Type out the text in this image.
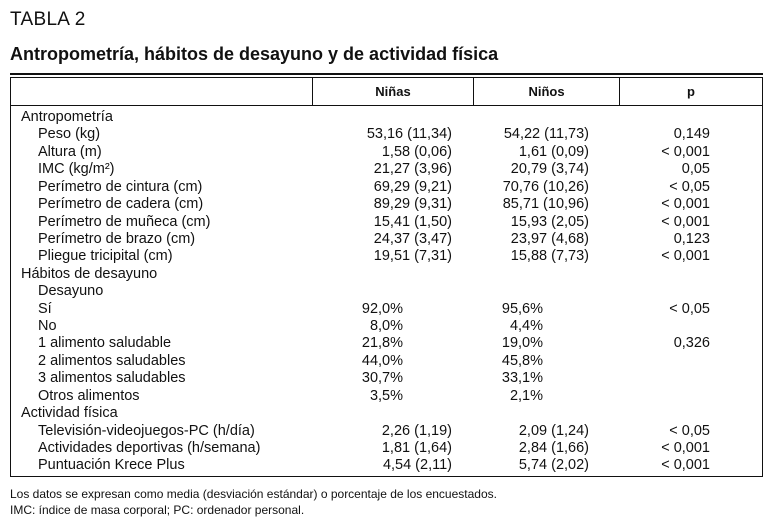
TABLA 2
Antropometría, hábitos de desayuno y de actividad física
Niñas	Niños	p
Antropometría
Peso (kg)	53,16 (11,34)	54,22 (11,73)	0,149
Altura (m)	1,58 (0,06)	1,61 (0,09)	< 0,001
IMC (kg/m²)	21,27 (3,96)	20,79 (3,74)	0,05
Perímetro de cintura (cm)	69,29 (9,21)	70,76 (10,26)	< 0,05
Perímetro de cadera (cm)	89,29 (9,31)	85,71 (10,96)	< 0,001
Perímetro de muñeca (cm)	15,41 (1,50)	15,93 (2,05)	< 0,001
Perímetro de brazo (cm)	24,37 (3,47)	23,97 (4,68)	0,123
Pliegue tricipital (cm)	19,51 (7,31)	15,88 (7,73)	< 0,001
Hábitos de desayuno
Desayuno
Sí	92,0%	95,6%	< 0,05
No	8,0%	4,4%
1 alimento saludable	21,8%	19,0%	0,326
2 alimentos saludables	44,0%	45,8%
3 alimentos saludables	30,7%	33,1%
Otros alimentos	3,5%	2,1%
Actividad física
Televisión-videojuegos-PC (h/día)	2,26 (1,19)	2,09 (1,24)	< 0,05
Actividades deportivas (h/semana)	1,81 (1,64)	2,84 (1,66)	< 0,001
Puntuación Krece Plus	4,54 (2,11)	5,74 (2,02)	< 0,001
Los datos se expresan como media (desviación estándar) o porcentaje de los encuestados.
IMC: índice de masa corporal; PC: ordenador personal.
